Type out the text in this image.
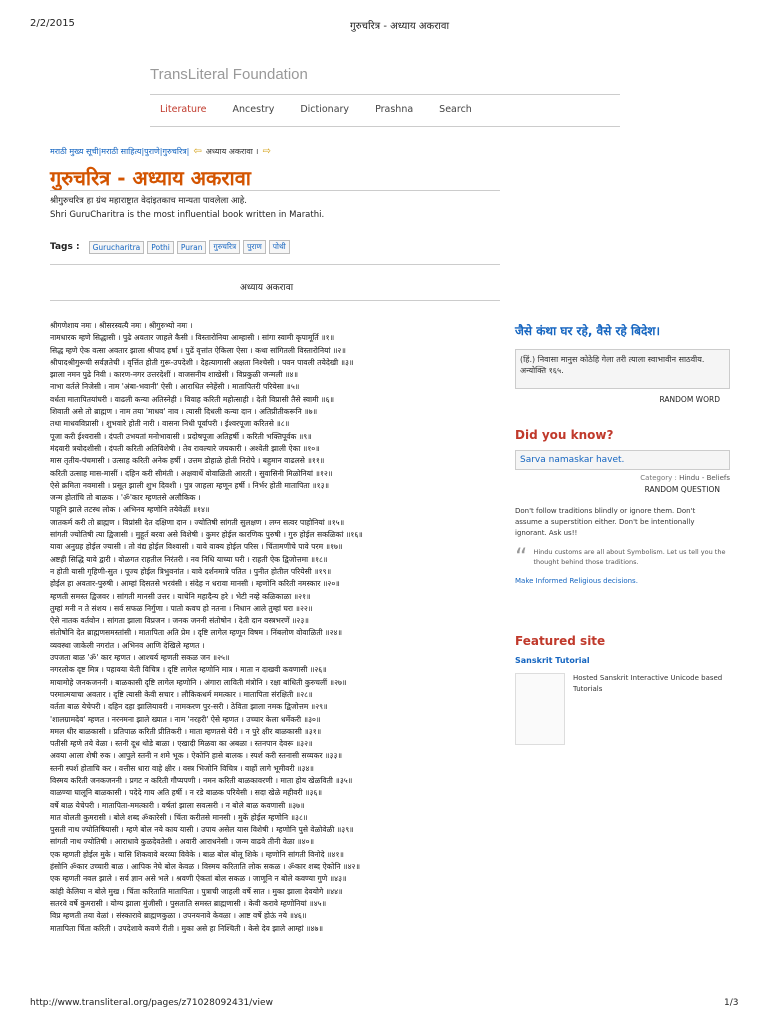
2/2/2015	गुरुचरित्र - अध्याय अकरावा
TransLiteral Foundation
Literature	Ancestry	Dictionary	Prashna	Search
मराठी मुख्य सूची|मराठी साहित्य|पुराणे|गुरुचरित्र| ⇦ अध्याय अकरावा । ⇨
गुरुचरित्र - अध्याय अकरावा
श्रीगुरुचरित्र हा ग्रंथ महाराष्ट्रात वेदांइतकाच मान्यता पावलेला आहे.
Shri GuruCharitra is the most influential book written in Marathi.
Tags :	Gurucharitra	Pothi	Puran	गुरुचरित्र	पुराण	पोथी
अध्याय अकरावा
श्रीगणेशाय नमः । श्रीसरस्वत्यै नमः । श्रीगुरुभ्यो नमः ।
नामधारक म्हणे सिद्धासी । पुढे अवतार जाहले कैसी । विस्तारोनिया आम्हासी । सांगा स्वामी कृपामूर्ति ॥१॥
सिद्ध म्हणे ऐक वत्सा अवतार झाला श्रीपाद हर्षा । पुढें वृत्तांत ऐकिला ऐसा । कथा सांगितली विस्तारोनियां ॥२॥
श्रीपादश्रीगुरूची सर्वज्ञतेची । वृत्तिंत होती गुरू-उपदेशी । देहत्यागासी अक्षता निश्चेसी । पवन पावली तयेदेखी ॥३॥
झाला नमन पुढे निवी । कारण-नगर उत्तरदेशीं । वाजसनीय शाखेसी । विप्रकुळी जन्मली ॥४॥
नाभा वर्तले निजेसी । नाम 'अंबा-भवानी' ऐसी । आराधित स्नेहेंसी । मातापितरी परियेसा ॥५॥
वर्धता मातापितयांघरी । वाढली कन्या अतिस्नेही । विवाह करिती महोत्साही । देती विप्रासी तैसे स्वामी ॥६॥
शिवाती असे तो ब्राह्मण । नाम तया 'माधव' नाव । त्यासी दिधली कन्या दान । अतिप्रीतीकरूनि ॥७॥
तथा माधवविप्रासी । शुभवारे होती नारी । वासना निधी पूर्वापरी । ईश्वरपूजा करितसे ॥८॥
पूजा करी ईश्वरासी । दंपती उभयतां मनोभावासी । प्रदोषपूजा अतिहर्षी । करिती भक्तिपूर्वक ॥९॥
मंदवारी त्रयोदशीसी । दंपती करिती अतिविशेषी । तेव रावल्यारे जयकारी । अश्वेती झाली ऐका ॥१०॥
मास तृतीय-पंचमासी । उत्साह करिती अनेक हर्षी । उत्तम डोहाळे होती निरोपे । बहुमान वाढलसे ॥११॥
करिती उत्साह मास-मासीं । दहिन करी सीमंती । अक्षवार्थे वोवाळिती आरती । सुवासिनी मिळोनियां ॥१२॥
ऐसे क्रमिता नवमासी । प्रसूत झाली शुभ दिवशी । पुत्र जाहला म्हणून हर्षी । निर्भर होती मातापिता ॥१३॥
जन्म होतांचि तो बाळक । 'ॐ'कार म्हणतसे अलौकिक ।
पाहूनि झाले तटस्थ लोक । अभिनव म्हणोनि तयेवेळीं ॥१४॥
जातकर्म करी तो ब्राह्मण । विप्रांसी देत दक्षिणा दान । ज्योतिषी सांगती सुलक्षण । लग्न सत्वर पाहोनियां ॥१५॥
सांगती ज्योतिषी त्या द्विजासी । मुहूर्त बरवा असे विशेषी । कुमर होईल कारणिक पुरुषी । गुरु होईल सकळिकां ॥१६॥
यावा अनुग्रह होईल ज्यासी । तो वंद्य होईल विश्वासी । यावे वाक्य होईल परिस । चिंतामणीचे पावे परम ॥१७॥
अष्टही सिद्धि यावे द्वारी । वोळगत राहतील निरंतरी । नव निधि याच्या घरी । राहती ऐक द्विजोत्तमा ॥१८॥
न होती यासी गृहिणी-सुत । पूज्य होईल त्रिभुवनांत । यावे दर्शनमात्रे पतित । पुनीत होतील परियेसी ॥१९॥
होईल हा अवतार-पुरुषी । आम्हां दिसतसे भरवंसी । संदेह न धरावा मानसी । म्हणोनि करिती नमस्कार ॥२०॥
म्हणती समस्त द्विजवर । सांगती मानसी उत्तर । याचेनि महादैन्य हरे । भेटी नव्हे कळिकाळा ॥२१॥
तुम्हां मनी न ते संशय । सर्व सफळ निर्गुणा । पातो कवच हो नतना । निधान आले तुम्हां घरा ॥२२॥
ऐसे नातक वर्तवोन । सांगता झाला विप्रजन । जनक जननी संतोषोन । देती दान वस्त्रभरणें ॥२३॥
संतोषोनि देत ब्राह्मणसमस्तांसी । मातापिता अति प्रेम । दृष्टि लागेल म्हणून विषम । निंबलोण वोवाळिती ॥२४॥
व्यवस्था जाकेली नगरांत । अभिनव आणि देखिले म्हणत ।
उपजता बाळ 'ॐ' कार म्हणत । आश्चर्य म्हणती सकळ जन ॥२५॥
नगरलोक दृष्ट मित्र । पहावया येती विचित्र । दृष्टि लागेल म्हणोनि मात्र । माता न दाखवी कवणासी ॥२६॥
मायामोहे जनकजननी । बाळकासी दृष्टि लागेल म्हणोनि । अंगारा लाविती मंत्रोनि । रक्षा बांधिती कुरुचलीं ॥२७॥
परमात्मयाचा अवतार । दृष्टि त्यासी केवी सचार । लौकिकधर्म ममत्कार । मातापिता संरक्षिती ॥२८॥
वर्तता बाळ येचेपरी । दहिन दहा झालियावरी । नामकरण पुर-सरी । ठेविता झाला नमक द्विजोत्तम ॥२९॥
'शालग्रामदेव' म्हणत । नरनमना झाले ख्यात । नाम 'नरहरी' ऐसे म्हणत । उच्चार केला धर्मेकरी ॥३०॥
ममल धीर बाळकासी । प्रतिपाळ करिती प्रीतिकरी । माता म्हणतसे येरी । न पुरे क्षीर बाळकासी ॥३१॥
पतीसी म्हणे तये वेळा । स्तनी दूध थोडे बाळा । एखादी मिळवा का अबळा । स्तनपान देवरू ॥३२॥
अवया आला शेषी रुक । आपुले स्तनी न शमे भूक । ऐकोनि हासे बालक । स्पर्श करी स्तनासी सव्यकर ॥३३॥
स्तनी स्पर्श होताचि कर । वत्तीस धारा वाहे क्षीर । वस्त्र भिजोनि विचित्र । वाहों लागे भूमीवरी ॥३४॥
विस्मय करिती जनकजननी । प्रगट न करिती गौप्यपणी । नमन करिती बाळकावरणी । माता होय खेळविती ॥३५॥
वाळण्या घालूनि बाळकासी । पदेदे गाय अति हर्षी । न रडे बाळक परियेसी । सदा खेळे महीवरी ॥३६॥
वर्षे बाळ येचेपरी । मातापिता-ममत्कारी । वर्षतां झाला सवत्सरी । न बोले बाळ कवणासी ॥३७॥
मात वोलती कुमरासी । बोले शब्द ॐकारेसी । चिंता करीतसे मानसी । मुकें होईल म्हणोनि ॥३८॥
पुसती नाथ ज्योतिषियासी । म्हणे बोल नये काय यासी । उपाय असेल यास विशेषी । म्हणोनि पुसे वेळोवेळी ॥३९॥
सांगती नाथ ज्योतिषी । आराधावे कुळदेवतेसी । अवारी आराधनेसी । जन्म वाढवे तीनी वेळा ॥४०॥
एक म्हणती होईल मुके । यासि शिकवावे बरव्या विवेके । बाळ बोल बोलू शिके । म्हणोनि सांगती विनोदे ॥४१॥
हंसोनि ॐकार उच्चारी बाळ । आपिक नेघे बोल केवळ । विस्मय करिताति लोक सकळ । ॐकार शब्द ऐकोनि ॥४२॥
एक म्हणती नवल झाले । सर्व ज्ञान असे भले । श्रवणी ऐकतां बोल सकळ । जाणूनि न बोले कवण्या गुणे ॥४३॥
कांही केलिया न बोले मुख । चिंता करिताति मातापिता । पुत्राची जाहली वर्षे सात । मुका झाला देवयोगे ॥४४॥
सतरवे वर्षे कुमरासी । योग्य झाला मुंजीसी । पुसताति समस्त ब्राह्मणासी । केवी करावे म्हणोनियां ॥४५॥
विप्र म्हणती तया वेळां । संस्कारावे ब्राह्मणकुळा । उपनयनावे केवळा । आष्ट वर्षे होऊं नये ॥४६॥
मातापिता चिंता करिती । उपदेशावे कवणे रीती । मुका असे हा निश्चिती । केसे देव झाले आम्हां ॥४७॥
जैसे कंथा घर रहे, वैसे रहे बिदेश।
(हिं.) निवासा मानुस कोठेहि गेला तरी त्याला स्वाभावीन साठवीय. अन्योक्ति १६५.
RANDOM WORD
Did you know?
Sarva namaskar havet.
Category : Hindu - Beliefs
RANDOM QUESTION
Don't follow traditions blindly or ignore them. Don't assume a superstition either. Don't be intentionally ignorant. Ask us!!
“ Hindu customs are all about Symbolism. Let us tell you the thought behind those traditions.
Make Informed Religious decisions.
Featured site
Sanskrit Tutorial
Hosted Sanskrit Interactive Unicode based Tutorials
http://www.transliteral.org/pages/z71028092431/view	1/3
